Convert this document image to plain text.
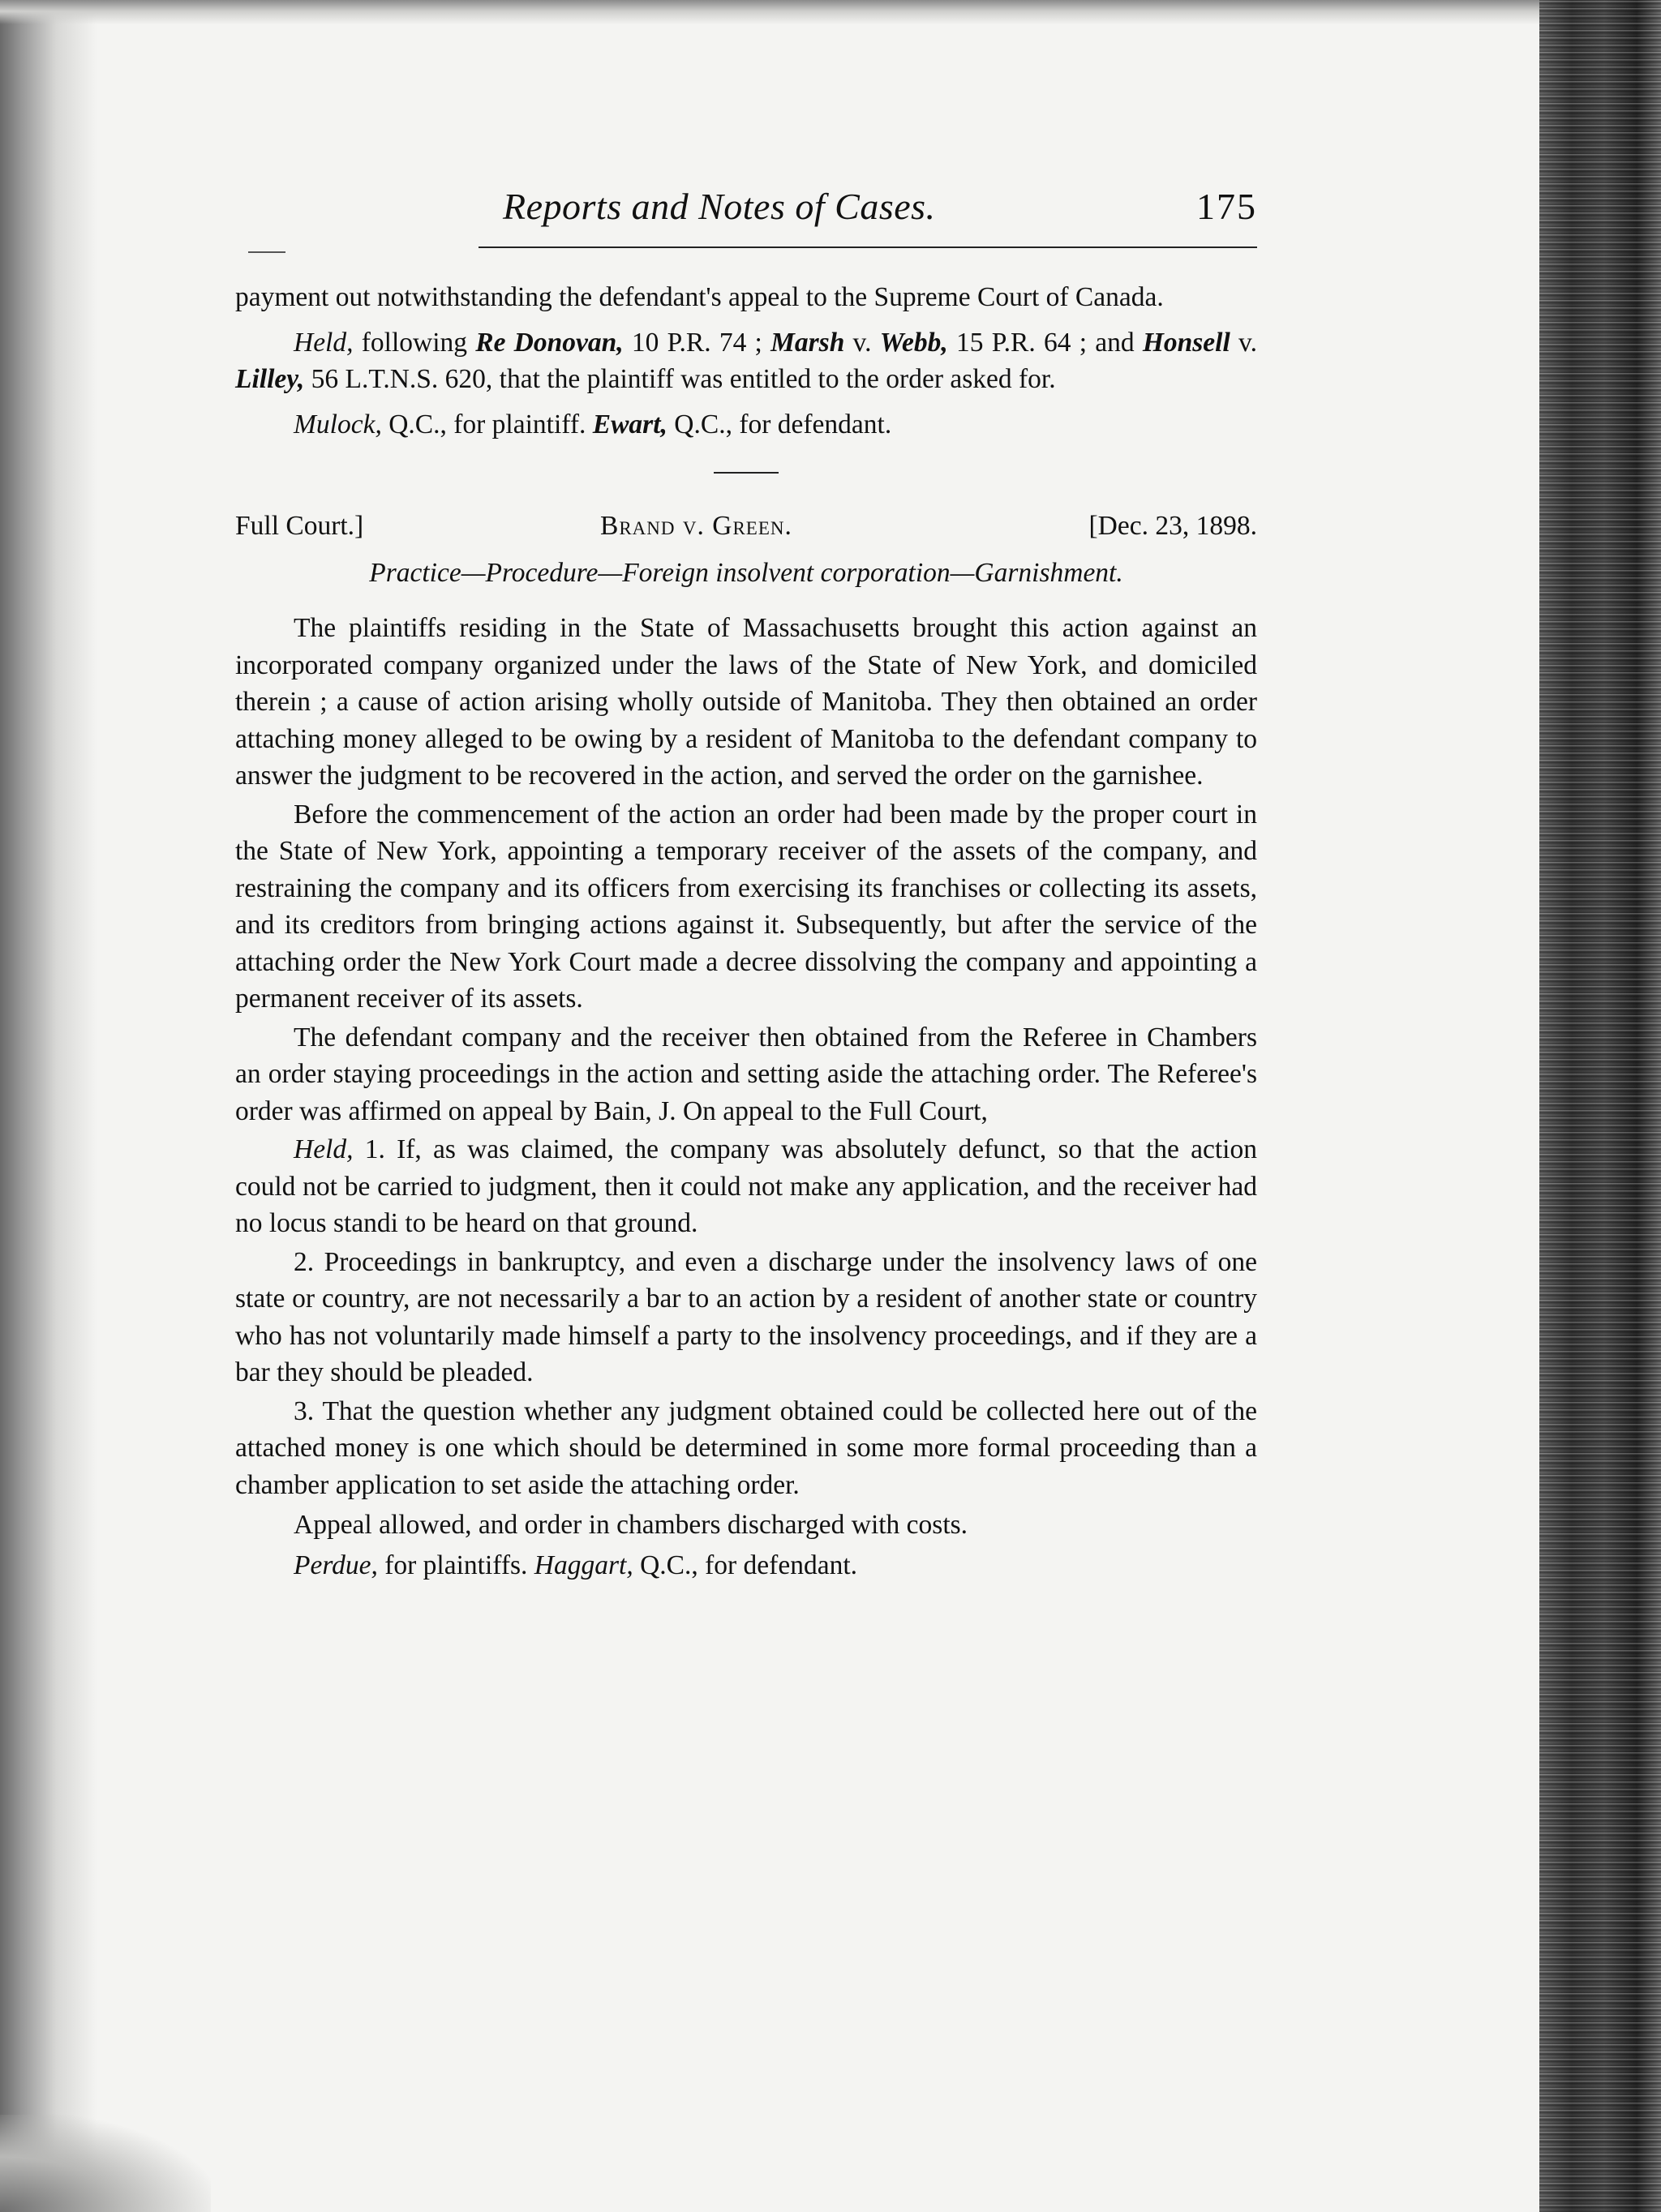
Reports and Notes of Cases.	175

payment out notwithstanding the defendant's appeal to the Supreme Court of Canada.

Held, following Re Donovan, 10 P.R. 74 ; Marsh v. Webb, 15 P.R. 64 ; and Honsell v. Lilley, 56 L.T.N.S. 620, that the plaintiff was entitled to the order asked for.

Mulock, Q.C., for plaintiff. Ewart, Q.C., for defendant.

Full Court.]	Brand v. Green.	[Dec. 23, 1898.

Practice—Procedure—Foreign insolvent corporation—Garnishment.

The plaintiffs residing in the State of Massachusetts brought this action against an incorporated company organized under the laws of the State of New York, and domiciled therein ; a cause of action arising wholly outside of Manitoba. They then obtained an order attaching money alleged to be owing by a resident of Manitoba to the defendant company to answer the judgment to be recovered in the action, and served the order on the garnishee.

Before the commencement of the action an order had been made by the proper court in the State of New York, appointing a temporary receiver of the assets of the company, and restraining the company and its officers from exercising its franchises or collecting its assets, and its creditors from bringing actions against it. Subsequently, but after the service of the attaching order the New York Court made a decree dissolving the company and appointing a permanent receiver of its assets.

The defendant company and the receiver then obtained from the Referee in Chambers an order staying proceedings in the action and setting aside the attaching order. The Referee's order was affirmed on appeal by Bain, J. On appeal to the Full Court,

Held, 1. If, as was claimed, the company was absolutely defunct, so that the action could not be carried to judgment, then it could not make any application, and the receiver had no locus standi to be heard on that ground.

2. Proceedings in bankruptcy, and even a discharge under the insolvency laws of one state or country, are not necessarily a bar to an action by a resident of another state or country who has not voluntarily made himself a party to the insolvency proceedings, and if they are a bar they should be pleaded.

3. That the question whether any judgment obtained could be collected here out of the attached money is one which should be determined in some more formal proceeding than a chamber application to set aside the attaching order.

Appeal allowed, and order in chambers discharged with costs.

Perdue, for plaintiffs. Haggart, Q.C., for defendant.
